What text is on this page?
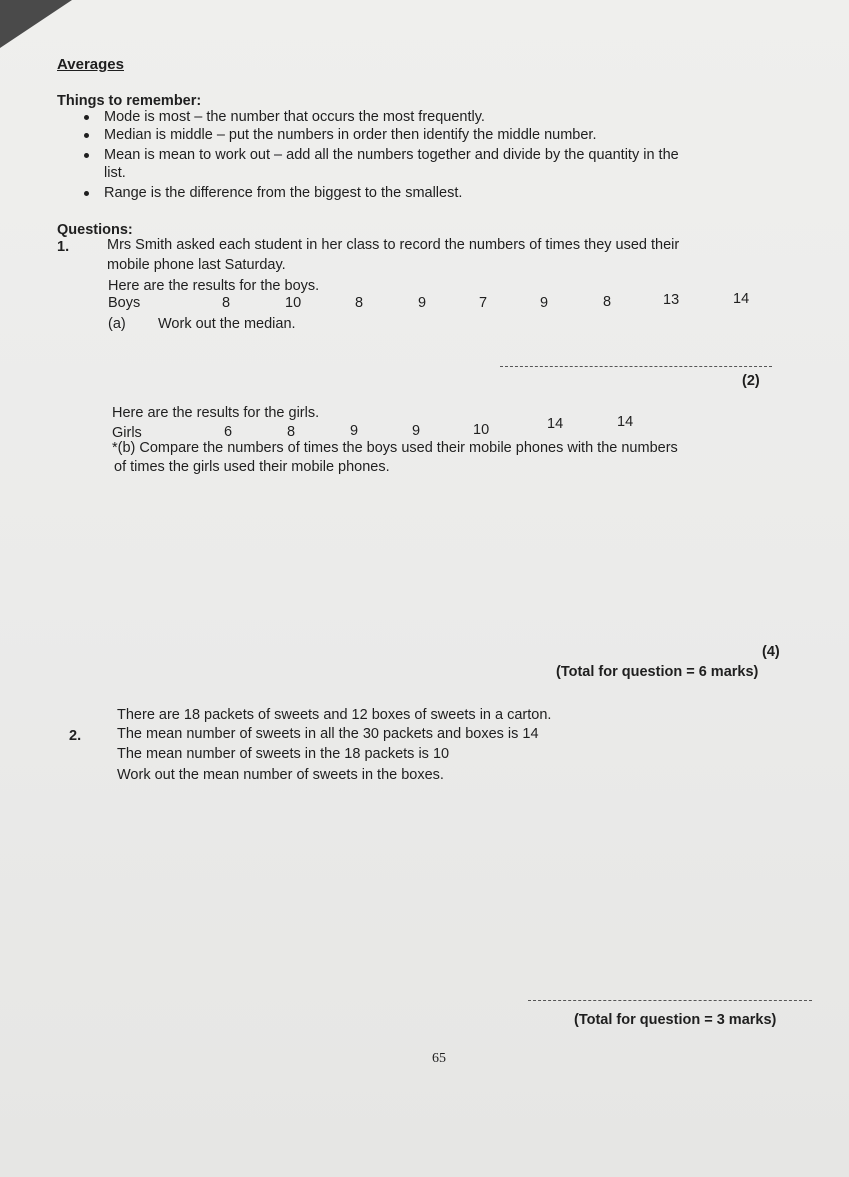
Averages
Things to remember:
Mode is most – the number that occurs the most frequently.
Median is middle – put the numbers in order then identify the middle number.
Mean is mean to work out – add all the numbers together and divide by the quantity in the
list.
Range is the difference from the biggest to the smallest.
Questions:
1.	Mrs Smith asked each student in her class to record the numbers of times they used their
mobile phone last Saturday.
Here are the results for the boys.
Boys	8	10	8	9	7	9	8	13	14
(a) Work out the median.
(2)
Here are the results for the girls.
Girls	6	8	9	9	10	14	14
*(b) Compare the numbers of times the boys used their mobile phones with the numbers
of times the girls used their mobile phones.
(4)
(Total for question = 6 marks)
2.
There are 18 packets of sweets and 12 boxes of sweets in a carton.
The mean number of sweets in all the 30 packets and boxes is 14
The mean number of sweets in the 18 packets is 10
Work out the mean number of sweets in the boxes.
(Total for question = 3 marks)
65
